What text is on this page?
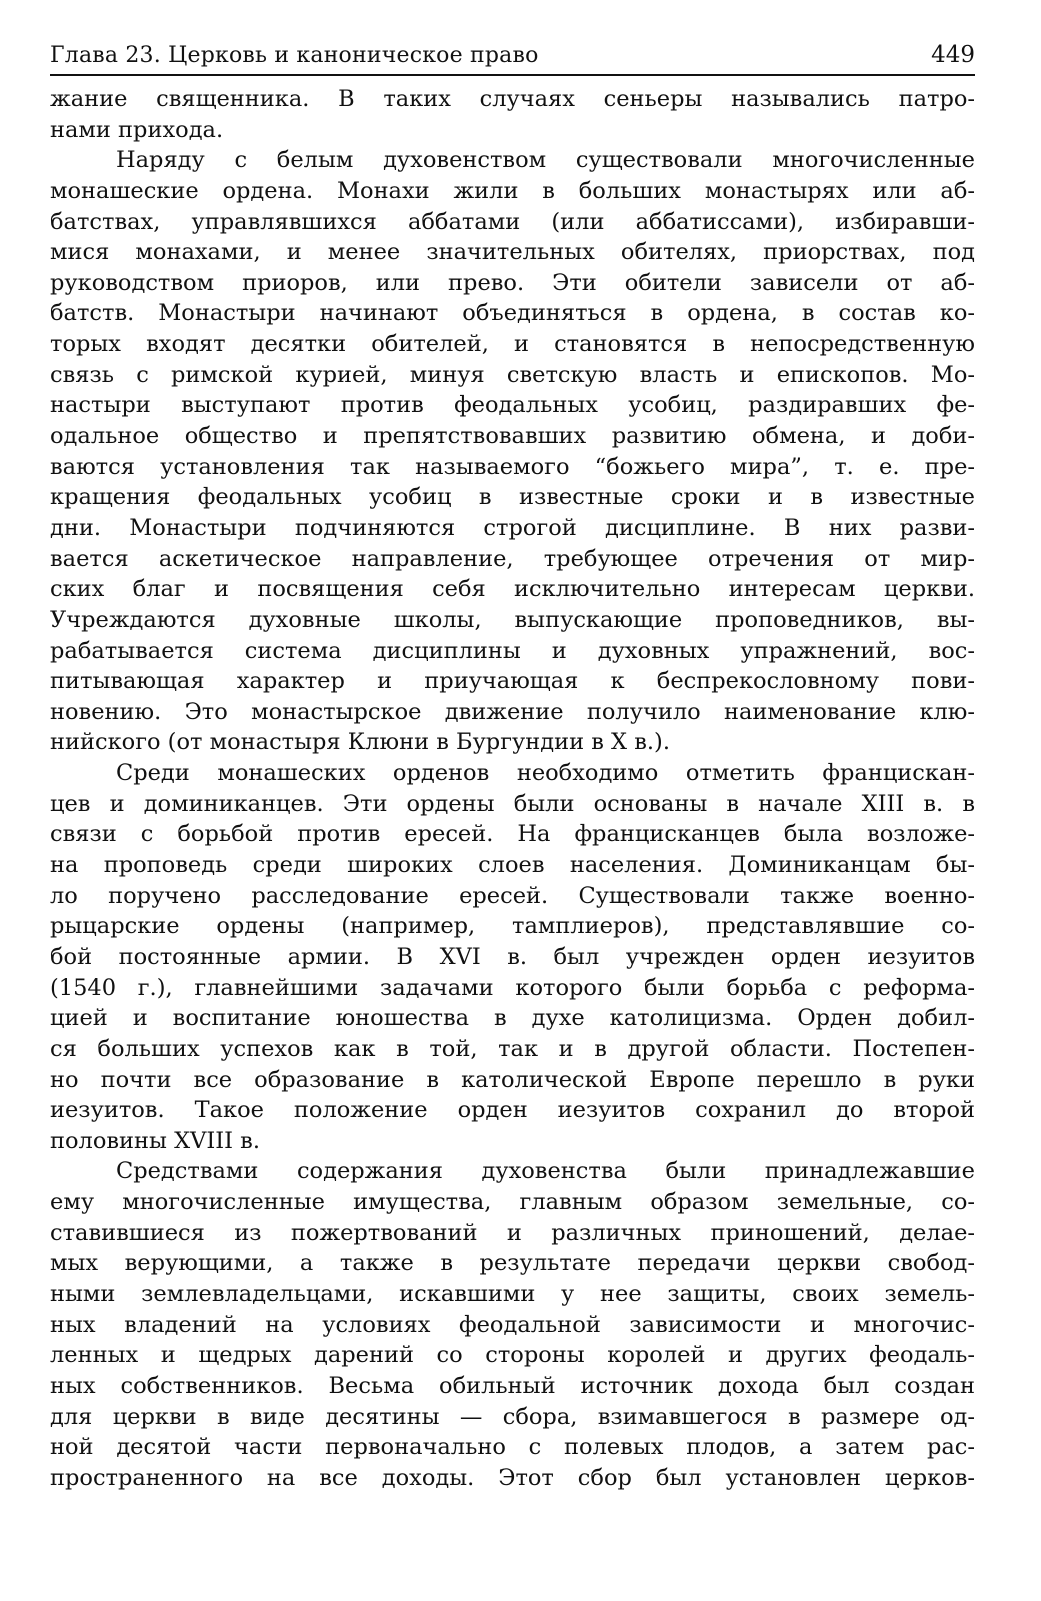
Глава 23. Церковь и каноническое право	449
жание священника. В таких случаях сеньеры назывались патро-
нами прихода.
Наряду с белым духовенством существовали многочисленные
монашеские ордена. Монахи жили в больших монастырях или аб-
батствах, управлявшихся аббатами (или аббатиссами), избиравши-
мися монахами, и менее значительных обителях, приорствах, под
руководством приоров, или прево. Эти обители зависели от аб-
батств. Монастыри начинают объединяться в ордена, в состав ко-
торых входят десятки обителей, и становятся в непосредственную
связь с римской курией, минуя светскую власть и епископов. Мо-
настыри выступают против феодальных усобиц, раздиравших фе-
одальное общество и препятствовавших развитию обмена, и доби-
ваются установления так называемого “божьего мира”, т. е. пре-
кращения феодальных усобиц в известные сроки и в известные
дни. Монастыри подчиняются строгой дисциплине. В них разви-
вается аскетическое направление, требующее отречения от мир-
ских благ и посвящения себя исключительно интересам церкви.
Учреждаются духовные школы, выпускающие проповедников, вы-
рабатывается система дисциплины и духовных упражнений, вос-
питывающая характер и приучающая к беспрекословному пови-
новению. Это монастырское движение получило наименование клю-
нийского (от монастыря Клюни в Бургундии в X в.).
Среди монашеских орденов необходимо отметить францискан-
цев и доминиканцев. Эти ордены были основаны в начале XIII в. в
связи с борьбой против ересей. На францисканцев была возложе-
на проповедь среди широких слоев населения. Доминиканцам бы-
ло поручено расследование ересей. Существовали также военно-
рыцарские ордены (например, тамплиеров), представлявшие со-
бой постоянные армии. В XVI в. был учрежден орден иезуитов
(1540 г.), главнейшими задачами которого были борьба с реформа-
цией и воспитание юношества в духе католицизма. Орден добил-
ся больших успехов как в той, так и в другой области. Постепен-
но почти все образование в католической Европе перешло в руки
иезуитов. Такое положение орден иезуитов сохранил до второй
половины XVIII в.
Средствами содержания духовенства были принадлежавшие
ему многочисленные имущества, главным образом земельные, со-
ставившиеся из пожертвований и различных приношений, делае-
мых верующими, а также в результате передачи церкви свобод-
ными землевладельцами, искавшими у нее защиты, своих земель-
ных владений на условиях феодальной зависимости и многочис-
ленных и щедрых дарений со стороны королей и других феодаль-
ных собственников. Весьма обильный источник дохода был создан
для церкви в виде десятины — сбора, взимавшегося в размере од-
ной десятой части первоначально с полевых плодов, а затем рас-
пространенного на все доходы. Этот сбор был установлен церков-
